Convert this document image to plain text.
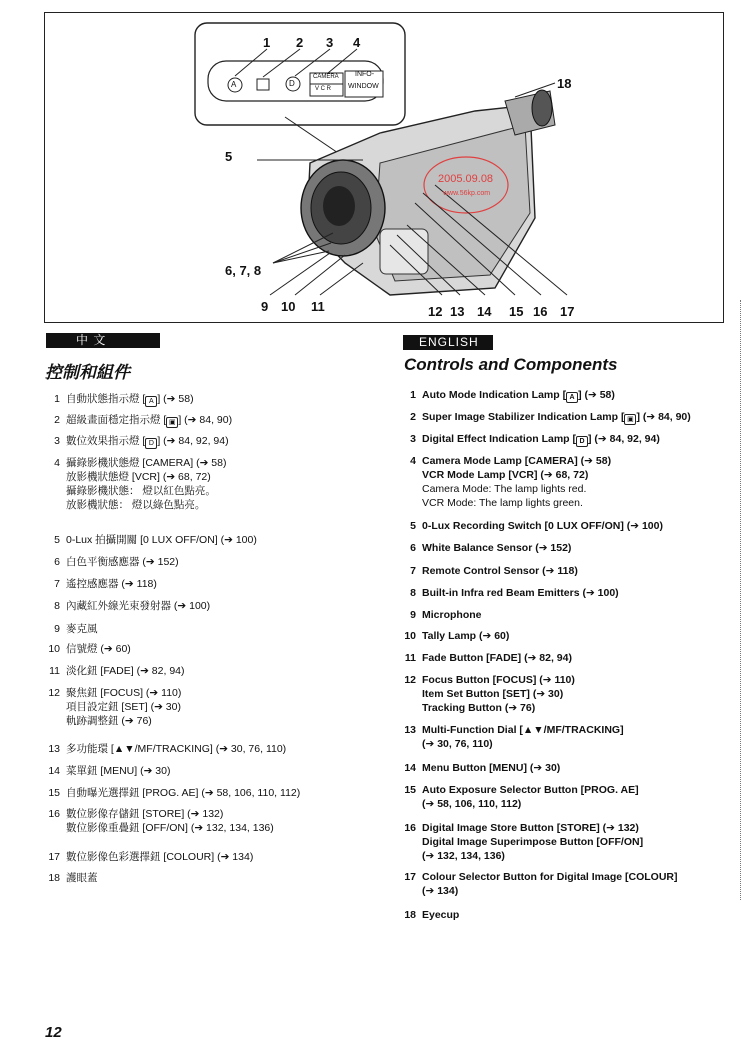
1 2 3 4
5
6, 7, 8
9 10 11	12 13 14 15 16 17
18
A	D
CAMERA
V C R
INFO-
WINDOW
2005.09.08
www.56kp.com
中 文
控制和組件
1 自動狀態指示燈 [ A ] (➔ 58)
2 超級畫面穩定指示燈 [ ▣ ] (➔ 84, 90)
3 數位效果指示燈 [ D ] (➔ 84, 92, 94)
4 攝錄影機狀態燈 [CAMERA] (➔ 58)
放影機狀態燈 [VCR] (➔ 68, 72)
攝錄影機狀態： 燈以紅色點亮。
放影機狀態： 燈以綠色點亮。
5 0-Lux 拍攝開關 [0 LUX OFF/ON] (➔ 100)
6 白色平衡感應器 (➔ 152)
7 遙控感應器 (➔ 118)
8 內藏紅外線光束發射器 (➔ 100)
9 麥克風
10 信號燈 (➔ 60)
11 淡化鈕 [FADE] (➔ 82, 94)
12 聚焦鈕 [FOCUS] (➔ 110)
項目設定鈕 [SET] (➔ 30)
軌跡調整鈕 (➔ 76)
13 多功能環 [▲▼/MF/TRACKING] (➔ 30, 76, 110)
14 菜單鈕 [MENU] (➔ 30)
15 自動曝光選擇鈕 [PROG. AE] (➔ 58, 106, 110, 112)
16 數位影像存儲鈕 [STORE] (➔ 132)
數位影像重疊鈕 [OFF/ON] (➔ 132, 134, 136)
17 數位影像色彩選擇鈕 [COLOUR] (➔ 134)
18 護眼蓋
ENGLISH
Controls and Components
1 Auto Mode Indication Lamp [ A ] (➔ 58)
2 Super Image Stabilizer Indication Lamp [ ▣ ] (➔ 84, 90)
3 Digital Effect Indication Lamp [ D ] (➔ 84, 92, 94)
4 Camera Mode Lamp [CAMERA] (➔ 58)
VCR Mode Lamp [VCR] (➔ 68, 72)
Camera Mode: The lamp lights red.
VCR Mode: The lamp lights green.
5 0-Lux Recording Switch [0 LUX OFF/ON] (➔ 100)
6 White Balance Sensor (➔ 152)
7 Remote Control Sensor (➔ 118)
8 Built-in Infra red Beam Emitters (➔ 100)
9 Microphone
10 Tally Lamp (➔ 60)
11 Fade Button [FADE] (➔ 82, 94)
12 Focus Button [FOCUS] (➔ 110)
Item Set Button [SET] (➔ 30)
Tracking Button (➔ 76)
13 Multi-Function Dial [▲▼/MF/TRACKING]
(➔ 30, 76, 110)
14 Menu Button [MENU] (➔ 30)
15 Auto Exposure Selector Button [PROG. AE]
(➔ 58, 106, 110, 112)
16 Digital Image Store Button [STORE] (➔ 132)
Digital Image Superimpose Button [OFF/ON]
(➔ 132, 134, 136)
17 Colour Selector Button for Digital Image [COLOUR]
(➔ 134)
18 Eyecup
12
